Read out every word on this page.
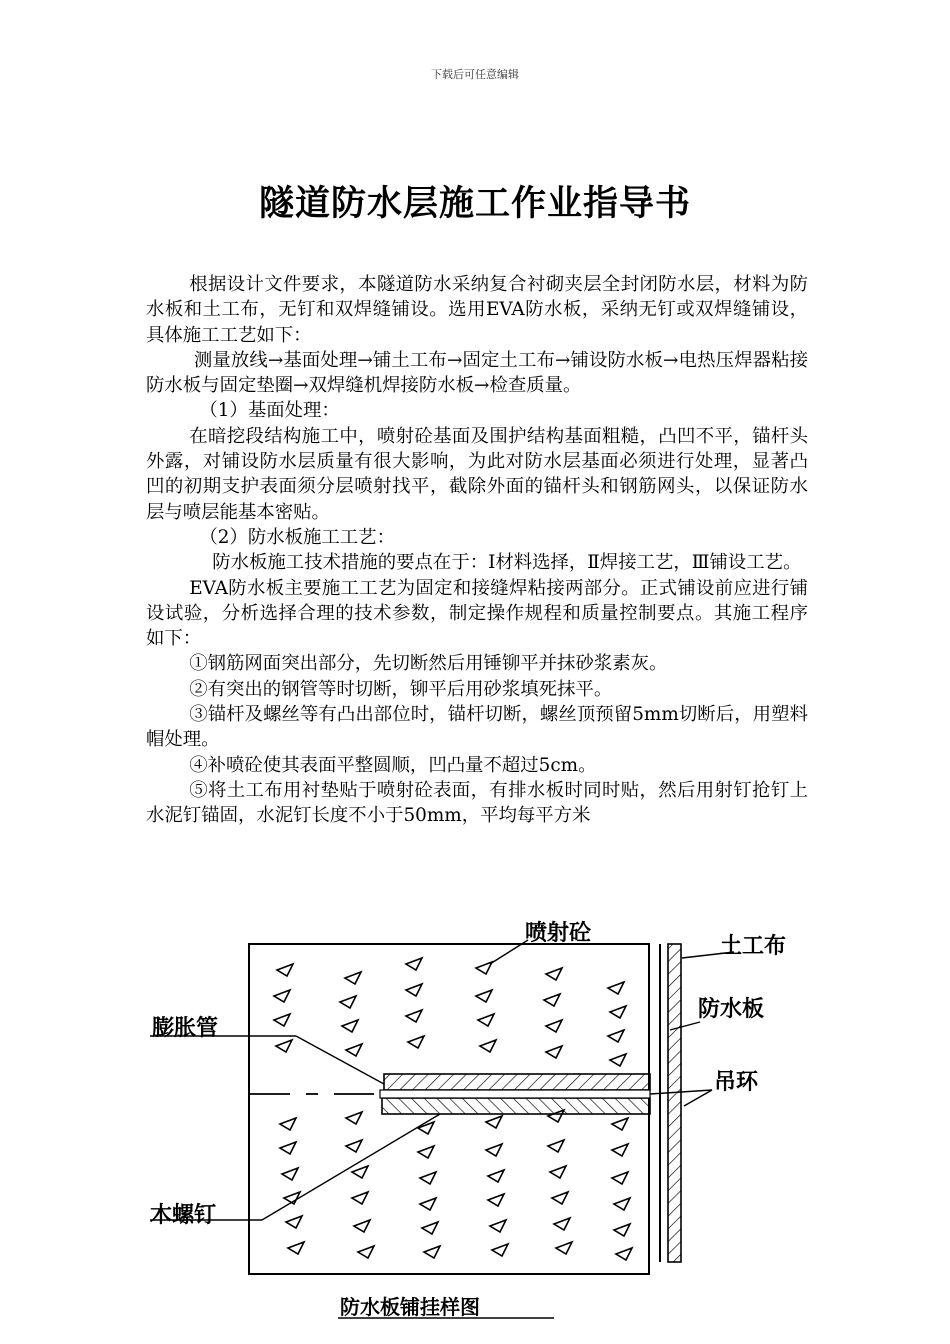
下载后可任意编辑
隧道防水层施工作业指导书

根据设计文件要求，本隧道防水采纳复合衬砌夹层全封闭防水层，材料为防水板和土工布，无钉和双焊缝铺设。选用EVA防水板，采纳无钉或双焊缝铺设，具体施工工艺如下：

测量放线→基面处理→铺土工布→固定土工布→铺设防水板→电热压焊器粘接防水板与固定垫圈→双焊缝机焊接防水板→检查质量。

（1）基面处理：

在暗挖段结构施工中，喷射砼基面及围护结构基面粗糙，凸凹不平，锚杆头外露，对铺设防水层质量有很大影响，为此对防水层基面必须进行处理，显著凸凹的初期支护表面须分层喷射找平，截除外面的锚杆头和钢筋网头，以保证防水层与喷层能基本密贴。

（2）防水板施工工艺：

防水板施工技术措施的要点在于：Ⅰ材料选择，Ⅱ焊接工艺，Ⅲ铺设工艺。

EVA防水板主要施工工艺为固定和接缝焊粘接两部分。正式铺设前应进行铺设试验，分析选择合理的技术参数，制定操作规程和质量控制要点。其施工程序如下：

①钢筋网面突出部分，先切断然后用锤铆平并抹砂浆素灰。

②有突出的钢管等时切断，铆平后用砂浆填死抹平。

③锚杆及螺丝等有凸出部位时，锚杆切断，螺丝顶预留5mm切断后，用塑料帽处理。

④补喷砼使其表面平整圆顺，凹凸量不超过5cm。

⑤将土工布用衬垫贴于喷射砼表面，有排水板时同时贴，然后用射钉抢钉上水泥钉锚固，水泥钉长度不小于50mm，平均每平方米

喷射砼
土工布
防水板
膨胀管
吊环
木螺钉
防水板铺挂样图
